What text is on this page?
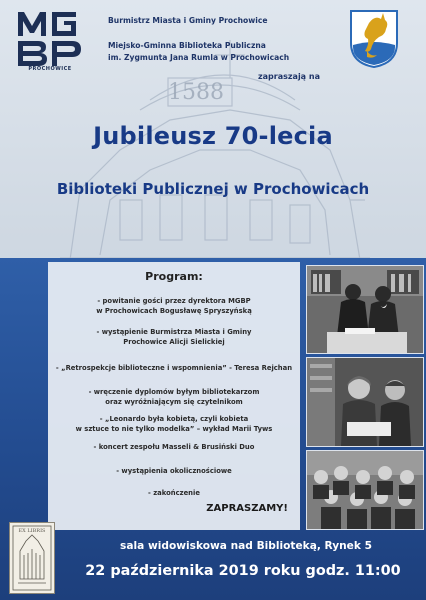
1588
PROCHOWICE
Burmistrz Miasta i Gminy Prochowice
Miejsko-Gminna Biblioteka Publiczna
im. Zygmunta Jana Rumla w Prochowicach
zapraszają na
Jubileusz 70-lecia
Biblioteki Publicznej w Prochowicach
Program:
- powitanie gości przez dyrektora MGBP
w Prochowicach Bogusławę Spryszyńską
- wystąpienie Burmistrza Miasta i Gminy
Prochowice Alicji Sielickiej
- „Retrospekcje biblioteczne i wspomnienia” - Teresa Rejchan
- wręczenie dyplomów byłym bibliotekarzom
oraz wyróżniającym się czytelnikom
- „Leonardo była kobietą, czyli kobieta
w sztuce to nie tylko modelka” – wykład Marii Tyws
- koncert zespołu Masseli & Brusiński Duo
- wystąpienia okolicznościowe
- zakończenie
ZAPRASZAMY!
EX LIBRIS
sala widowiskowa nad Biblioteką, Rynek 5
22 października 2019 roku godz. 11:00
